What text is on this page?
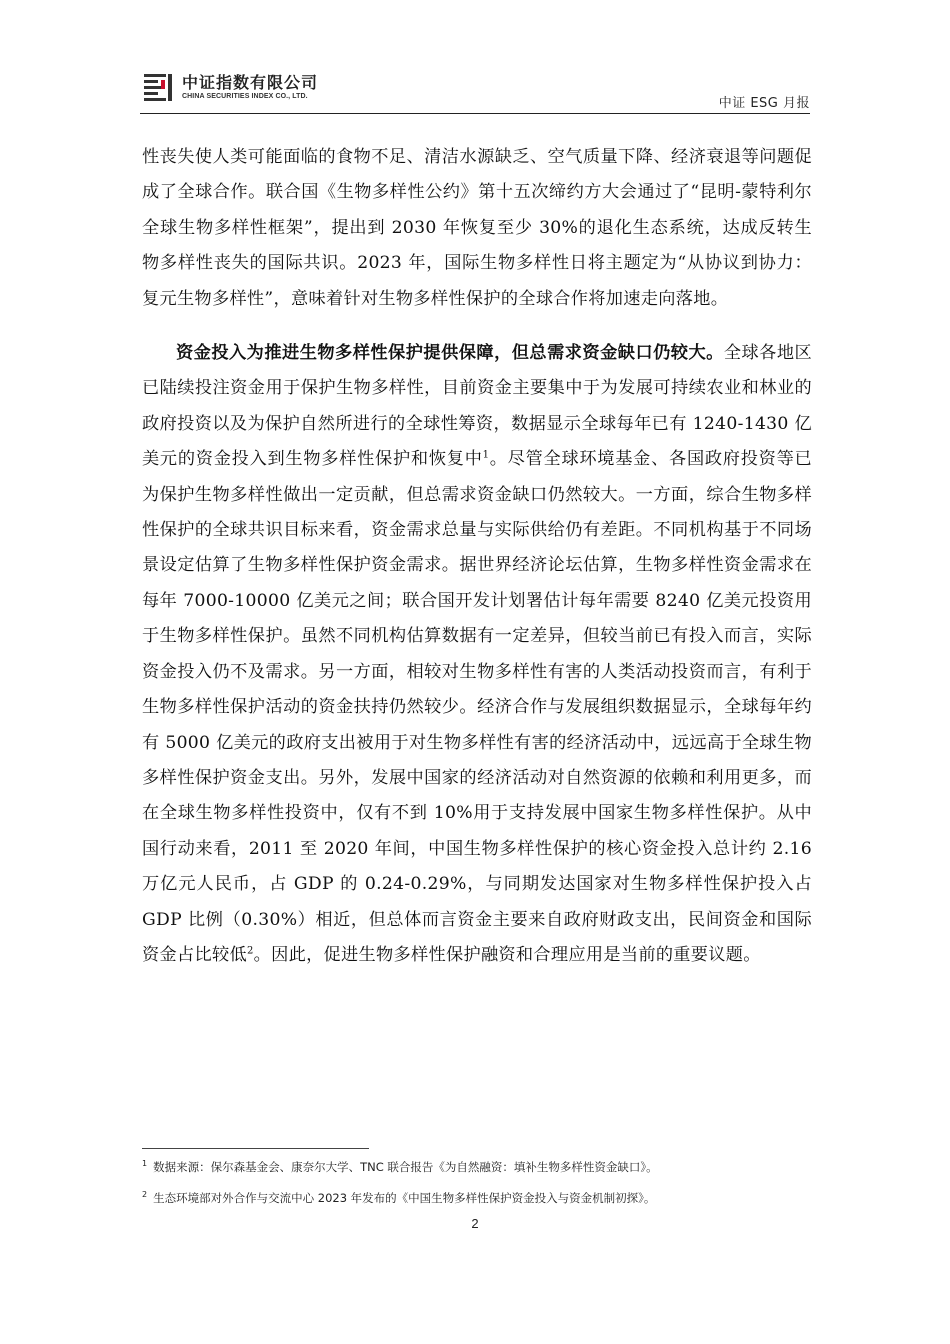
中证指数有限公司
CHINA SECURITIES INDEX CO., LTD.	中证 ESG 月报

性丧失使人类可能面临的食物不足、清洁水源缺乏、空气质量下降、经济衰退等问题促成了全球合作。联合国《生物多样性公约》第十五次缔约方大会通过了“昆明-蒙特利尔全球生物多样性框架”，提出到 2030 年恢复至少 30%的退化生态系统，达成反转生物多样性丧失的国际共识。2023 年，国际生物多样性日将主题定为“从协议到协力：复元生物多样性”，意味着针对生物多样性保护的全球合作将加速走向落地。

资金投入为推进生物多样性保护提供保障，但总需求资金缺口仍较大。全球各地区已陆续投注资金用于保护生物多样性，目前资金主要集中于为发展可持续农业和林业的政府投资以及为保护自然所进行的全球性筹资，数据显示全球每年已有 1240-1430 亿美元的资金投入到生物多样性保护和恢复中$^1$。尽管全球环境基金、各国政府投资等已为保护生物多样性做出一定贡献，但总需求资金缺口仍然较大。一方面，综合生物多样性保护的全球共识目标来看，资金需求总量与实际供给仍有差距。不同机构基于不同场景设定估算了生物多样性保护资金需求。据世界经济论坛估算，生物多样性资金需求在每年 7000-10000 亿美元之间；联合国开发计划署估计每年需要 8240 亿美元投资用于生物多样性保护。虽然不同机构估算数据有一定差异，但较当前已有投入而言，实际资金投入仍不及需求。另一方面，相较对生物多样性有害的人类活动投资而言，有利于生物多样性保护活动的资金扶持仍然较少。经济合作与发展组织数据显示，全球每年约有 5000 亿美元的政府支出被用于对生物多样性有害的经济活动中，远远高于全球生物多样性保护资金支出。另外，发展中国家的经济活动对自然资源的依赖和利用更多，而在全球生物多样性投资中，仅有不到 10%用于支持发展中国家生物多样性保护。从中国行动来看，2011 至 2020 年间，中国生物多样性保护的核心资金投入总计约 2.16 万亿元人民币，占 GDP 的 0.24-0.29%，与同期发达国家对生物多样性保护投入占 GDP 比例（0.30%）相近，但总体而言资金主要来自政府财政支出，民间资金和国际资金占比较低$^2$。因此，促进生物多样性保护融资和合理应用是当前的重要议题。

$^1$ 数据来源：保尔森基金会、康奈尔大学、TNC 联合报告《为自然融资：填补生物多样性资金缺口》。
$^2$ 生态环境部对外合作与交流中心 2023 年发布的《中国生物多样性保护资金投入与资金机制初探》。
2
